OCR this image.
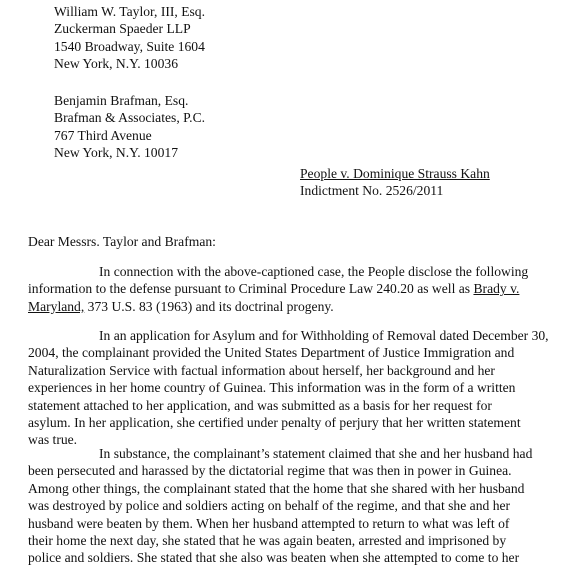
William W. Taylor, III, Esq.
Zuckerman Spaeder LLP
1540 Broadway, Suite 1604
New York, N.Y. 10036
Benjamin Brafman, Esq.
Brafman & Associates, P.C.
767 Third Avenue
New York, N.Y. 10017
People v. Dominique Strauss Kahn
Indictment No. 2526/2011
Dear Messrs. Taylor and Brafman:
In connection with the above-captioned case, the People disclose the following
information to the defense pursuant to Criminal Procedure Law 240.20 as well as Brady v.
Maryland, 373 U.S. 83 (1963) and its doctrinal progeny.
In an application for Asylum and for Withholding of Removal dated December 30,
2004, the complainant provided the United States Department of Justice Immigration and
Naturalization Service with factual information about herself, her background and her
experiences in her home country of Guinea. This information was in the form of a written
statement attached to her application, and was submitted as a basis for her request for
asylum. In her application, she certified under penalty of perjury that her written statement
was true.
In substance, the complainant’s statement claimed that she and her husband had
been persecuted and harassed by the dictatorial regime that was then in power in Guinea.
Among other things, the complainant stated that the home that she shared with her husband
was destroyed by police and soldiers acting on behalf of the regime, and that she and her
husband were beaten by them. When her husband attempted to return to what was left of
their home the next day, she stated that he was again beaten, arrested and imprisoned by
police and soldiers. She stated that she also was beaten when she attempted to come to her
